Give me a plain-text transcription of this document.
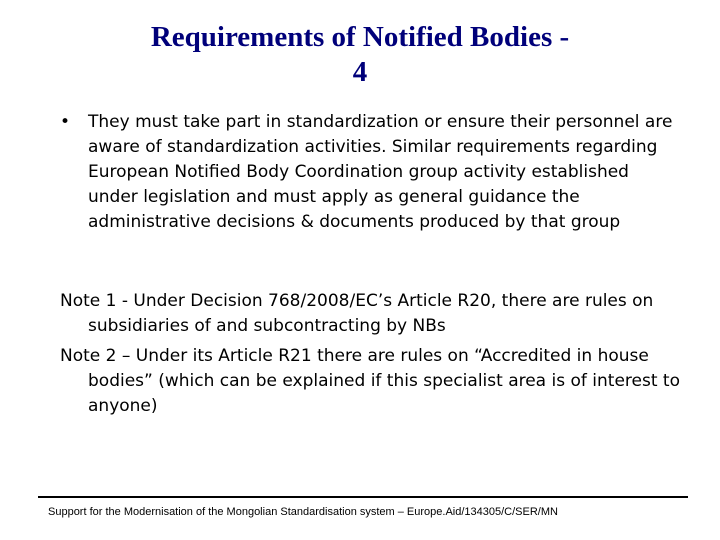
Requirements of Notified Bodies -
4
•	They must take part in standardization or ensure their personnel are aware of standardization activities. Similar requirements regarding European Notified Body Coordination group activity established under legislation and must apply as general guidance the administrative decisions & documents produced by that group
Note 1 - Under Decision 768/2008/EC’s Article R20, there are rules on subsidiaries of and subcontracting by NBs
Note 2 – Under its Article R21 there are rules on “Accredited in house bodies” (which can be explained if this specialist area is of interest to anyone)
Support for the Modernisation of the Mongolian Standardisation system – Europe.Aid/134305/C/SER/MN
